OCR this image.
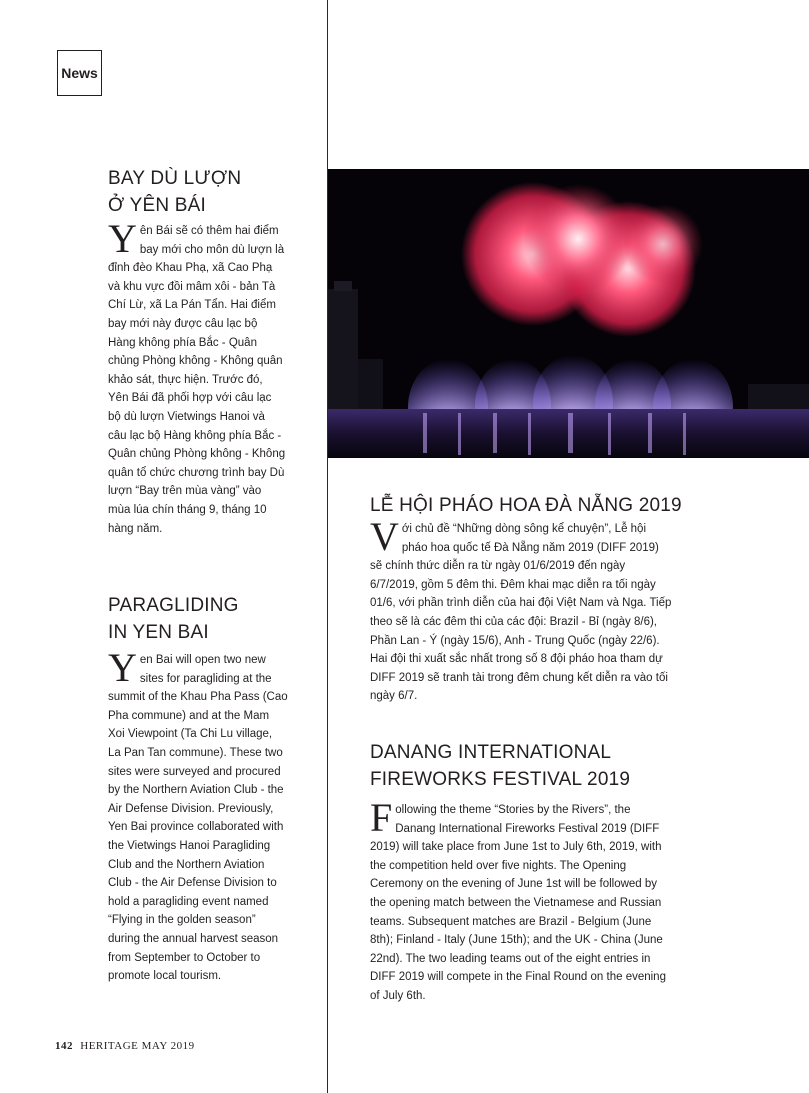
News
BAY DÙ LƯỢN
Ở YÊN BÁI
Yên Bái sẽ có thêm hai điểm bay mới cho môn dù lượn là đỉnh đèo Khau Phạ, xã Cao Phạ và khu vực đồi mâm xôi - bản Tà Chí Lừ, xã La Pán Tẩn. Hai điểm bay mới này được câu lạc bộ Hàng không phía Bắc - Quân chủng Phòng không - Không quân khảo sát, thực hiện. Trước đó, Yên Bái đã phối hợp với câu lạc bộ dù lượn Vietwings Hanoi và câu lạc bộ Hàng không phía Bắc - Quân chủng Phòng không - Không quân tổ chức chương trình bay Dù lượn “Bay trên mùa vàng” vào mùa lúa chín tháng 9, tháng 10 hàng năm.
PARAGLIDING
IN YEN BAI
Yen Bai will open two new sites for paragliding at the summit of the Khau Pha Pass (Cao Pha commune) and at the Mam Xoi Viewpoint (Ta Chi Lu village, La Pan Tan commune). These two sites were surveyed and procured by the Northern Aviation Club - the Air Defense Division. Previously, Yen Bai province collaborated with the Vietwings Hanoi Paragliding Club and the Northern Aviation Club - the Air Defense Division to hold a paragliding event named “Flying in the golden season” during the annual harvest season from September to October to promote local tourism.
LỄ HỘI PHÁO HOA ĐÀ NẴNG 2019
Với chủ đề “Những dòng sông kể chuyện”, Lễ hội pháo hoa quốc tế Đà Nẵng năm 2019 (DIFF 2019) sẽ chính thức diễn ra từ ngày 01/6/2019 đến ngày 6/7/2019, gồm 5 đêm thi. Đêm khai mạc diễn ra tối ngày 01/6, với phần trình diễn của hai đội Việt Nam và Nga. Tiếp theo sẽ là các đêm thi của các đội: Brazil - Bỉ (ngày 8/6), Phần Lan - Ý (ngày 15/6), Anh - Trung Quốc (ngày 22/6). Hai đội thi xuất sắc nhất trong số 8 đội pháo hoa tham dự DIFF 2019 sẽ tranh tài trong đêm chung kết diễn ra vào tối ngày 6/7.
DANANG INTERNATIONAL
FIREWORKS FESTIVAL 2019
Following the theme “Stories by the Rivers”, the Danang International Fireworks Festival 2019 (DIFF 2019) will take place from June 1st to July 6th, 2019, with the competition held over five nights. The Opening Ceremony on the evening of June 1st will be followed by the opening match between the Vietnamese and Russian teams. Subsequent matches are Brazil - Belgium (June 8th); Finland - Italy (June 15th); and the UK - China (June 22nd). The two leading teams out of the eight entries in DIFF 2019 will compete in the Final Round on the evening of July 6th.
142 HERITAGE MAY 2019
